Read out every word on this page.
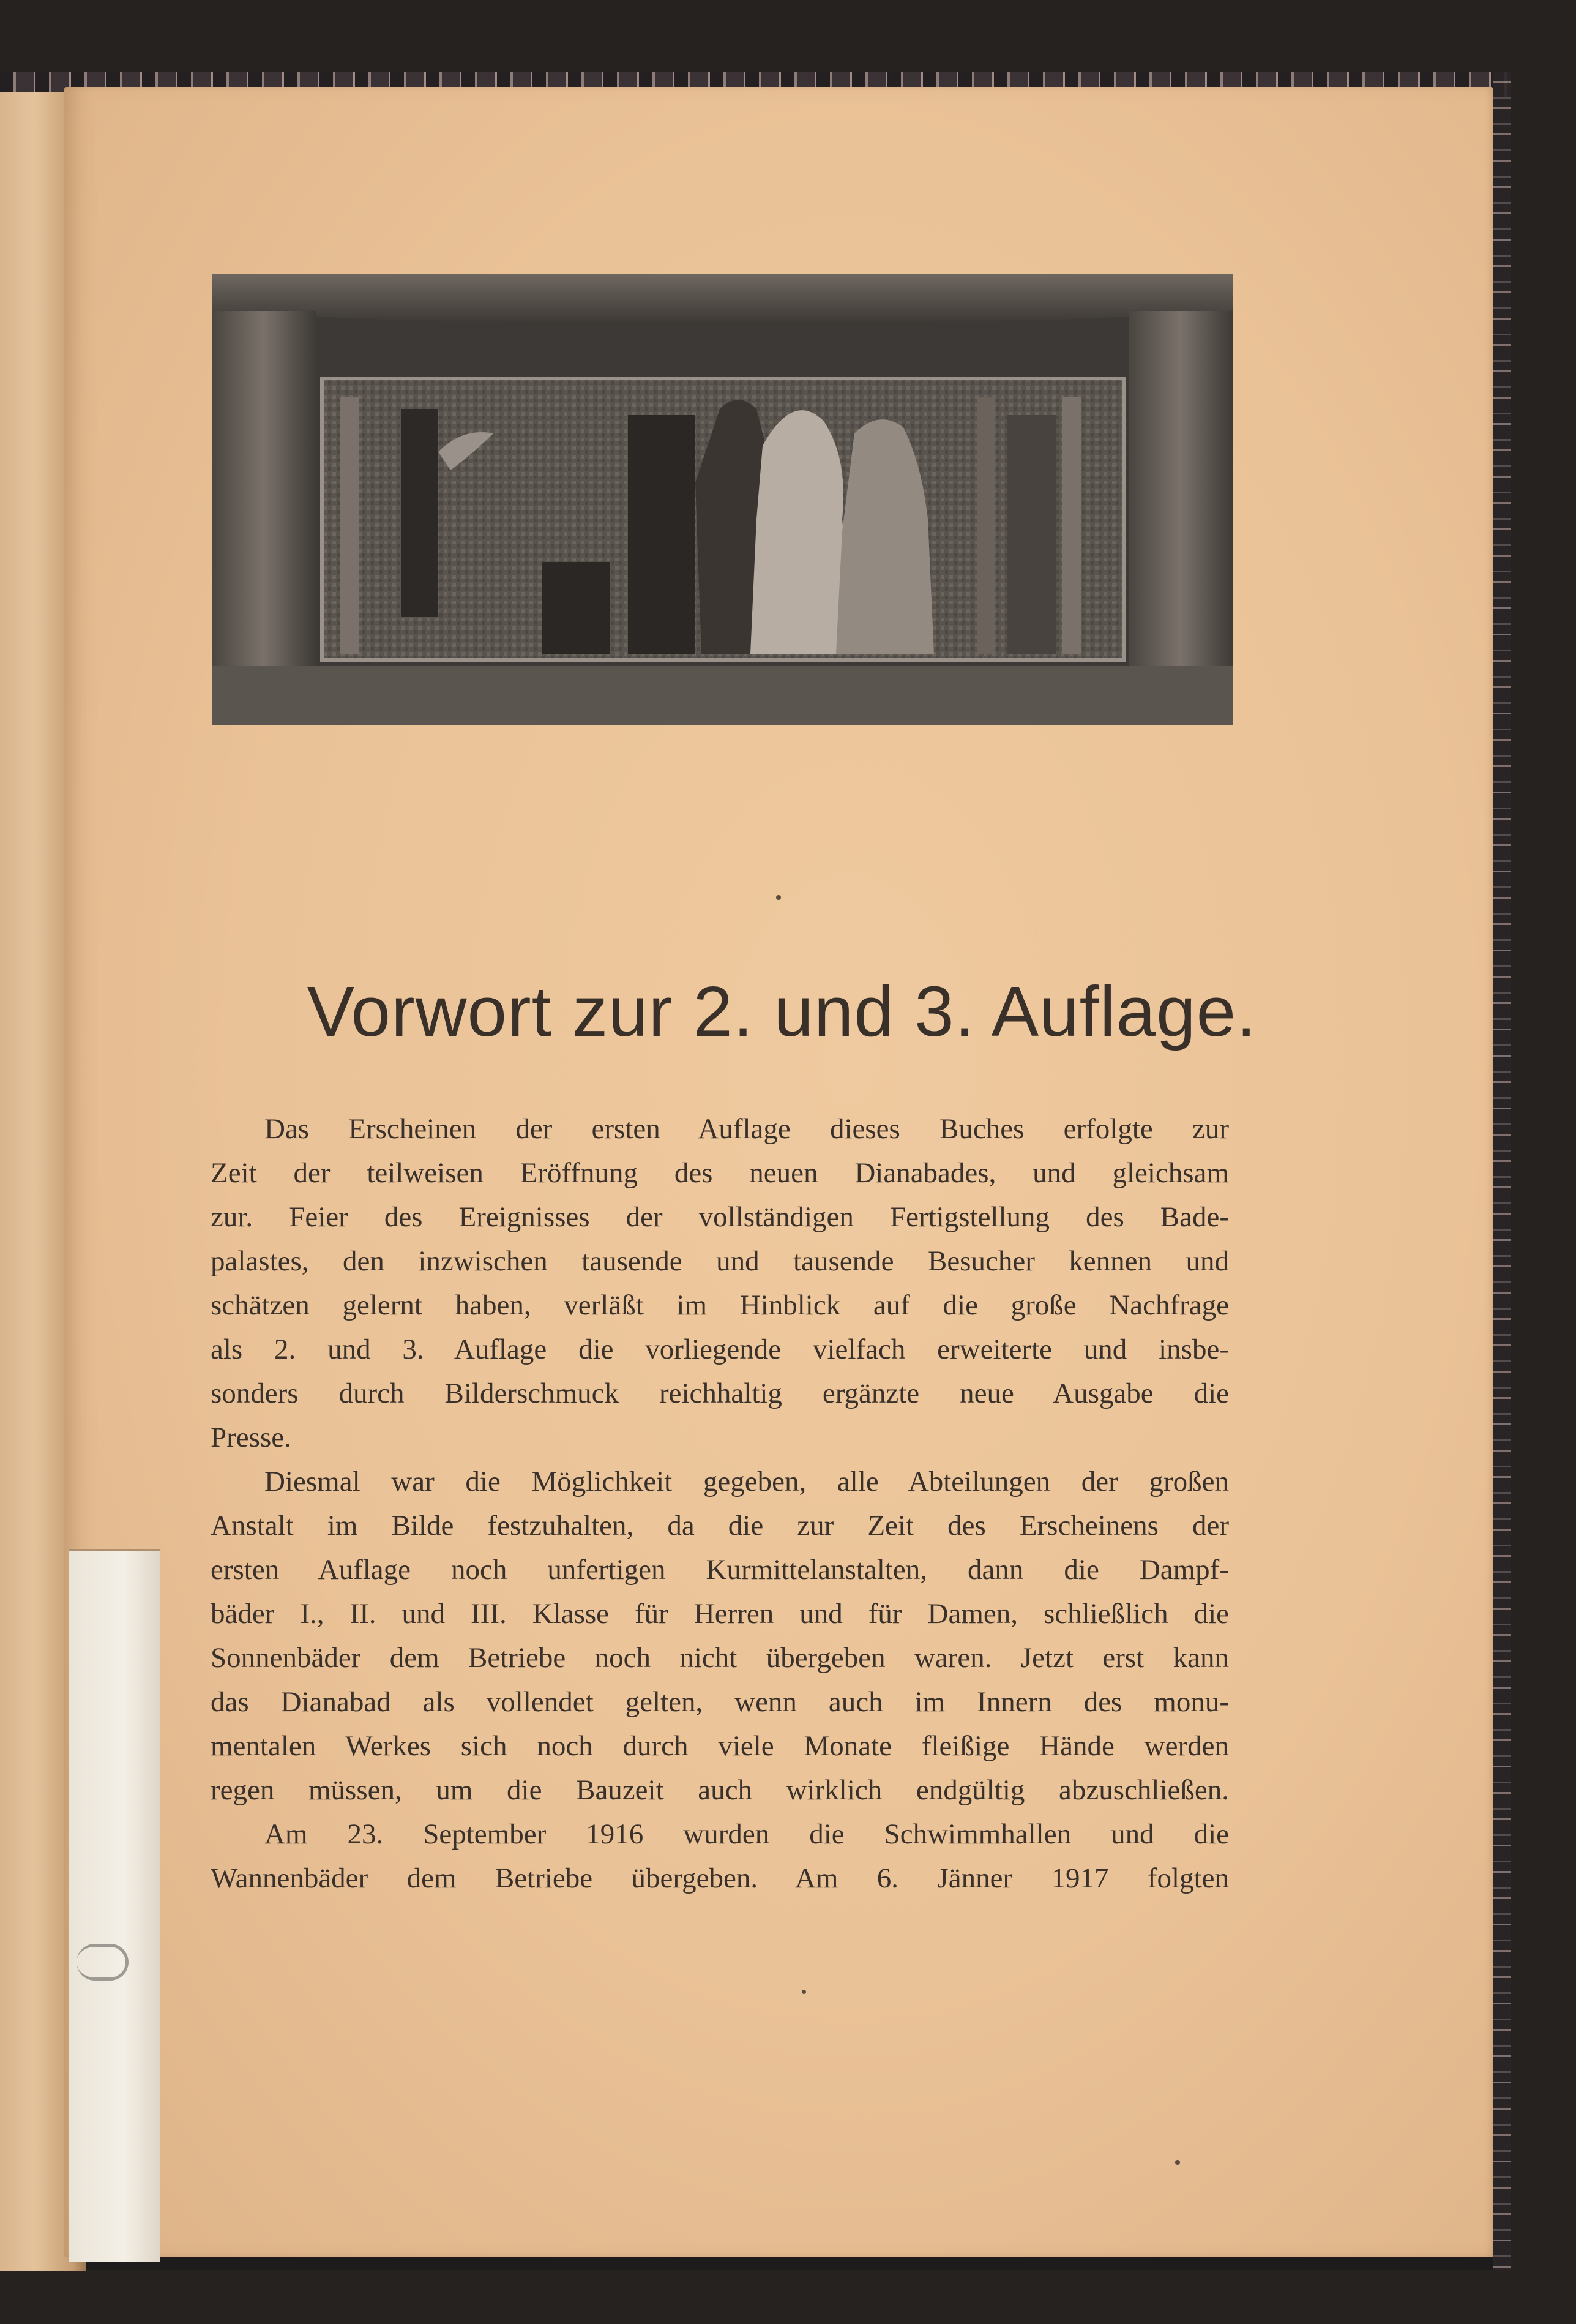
Vorwort zur 2. und 3. Auflage.
Das Erscheinen der ersten Auflage dieses Buches erfolgte zur
Zeit der teilweisen Eröffnung des neuen Dianabades, und gleichsam
zur. Feier des Ereignisses der vollständigen Fertigstellung des Bade-
palastes, den inzwischen tausende und tausende Besucher kennen und
schätzen gelernt haben, verläßt im Hinblick auf die große Nachfrage
als 2. und 3. Auflage die vorliegende vielfach erweiterte und insbe-
sonders durch Bilderschmuck reichhaltig ergänzte neue Ausgabe die
Presse.
Diesmal war die Möglichkeit gegeben, alle Abteilungen der großen
Anstalt im Bilde festzuhalten, da die zur Zeit des Erscheinens der
ersten Auflage noch unfertigen Kurmittelanstalten, dann die Dampf-
bäder I., II. und III. Klasse für Herren und für Damen, schließlich die
Sonnenbäder dem Betriebe noch nicht übergeben waren. Jetzt erst kann
das Dianabad als vollendet gelten, wenn auch im Innern des monu-
mentalen Werkes sich noch durch viele Monate fleißige Hände werden
regen müssen, um die Bauzeit auch wirklich endgültig abzuschließen.
Am 23. September 1916 wurden die Schwimmhallen und die
Wannenbäder dem Betriebe übergeben. Am 6. Jänner 1917 folgten
